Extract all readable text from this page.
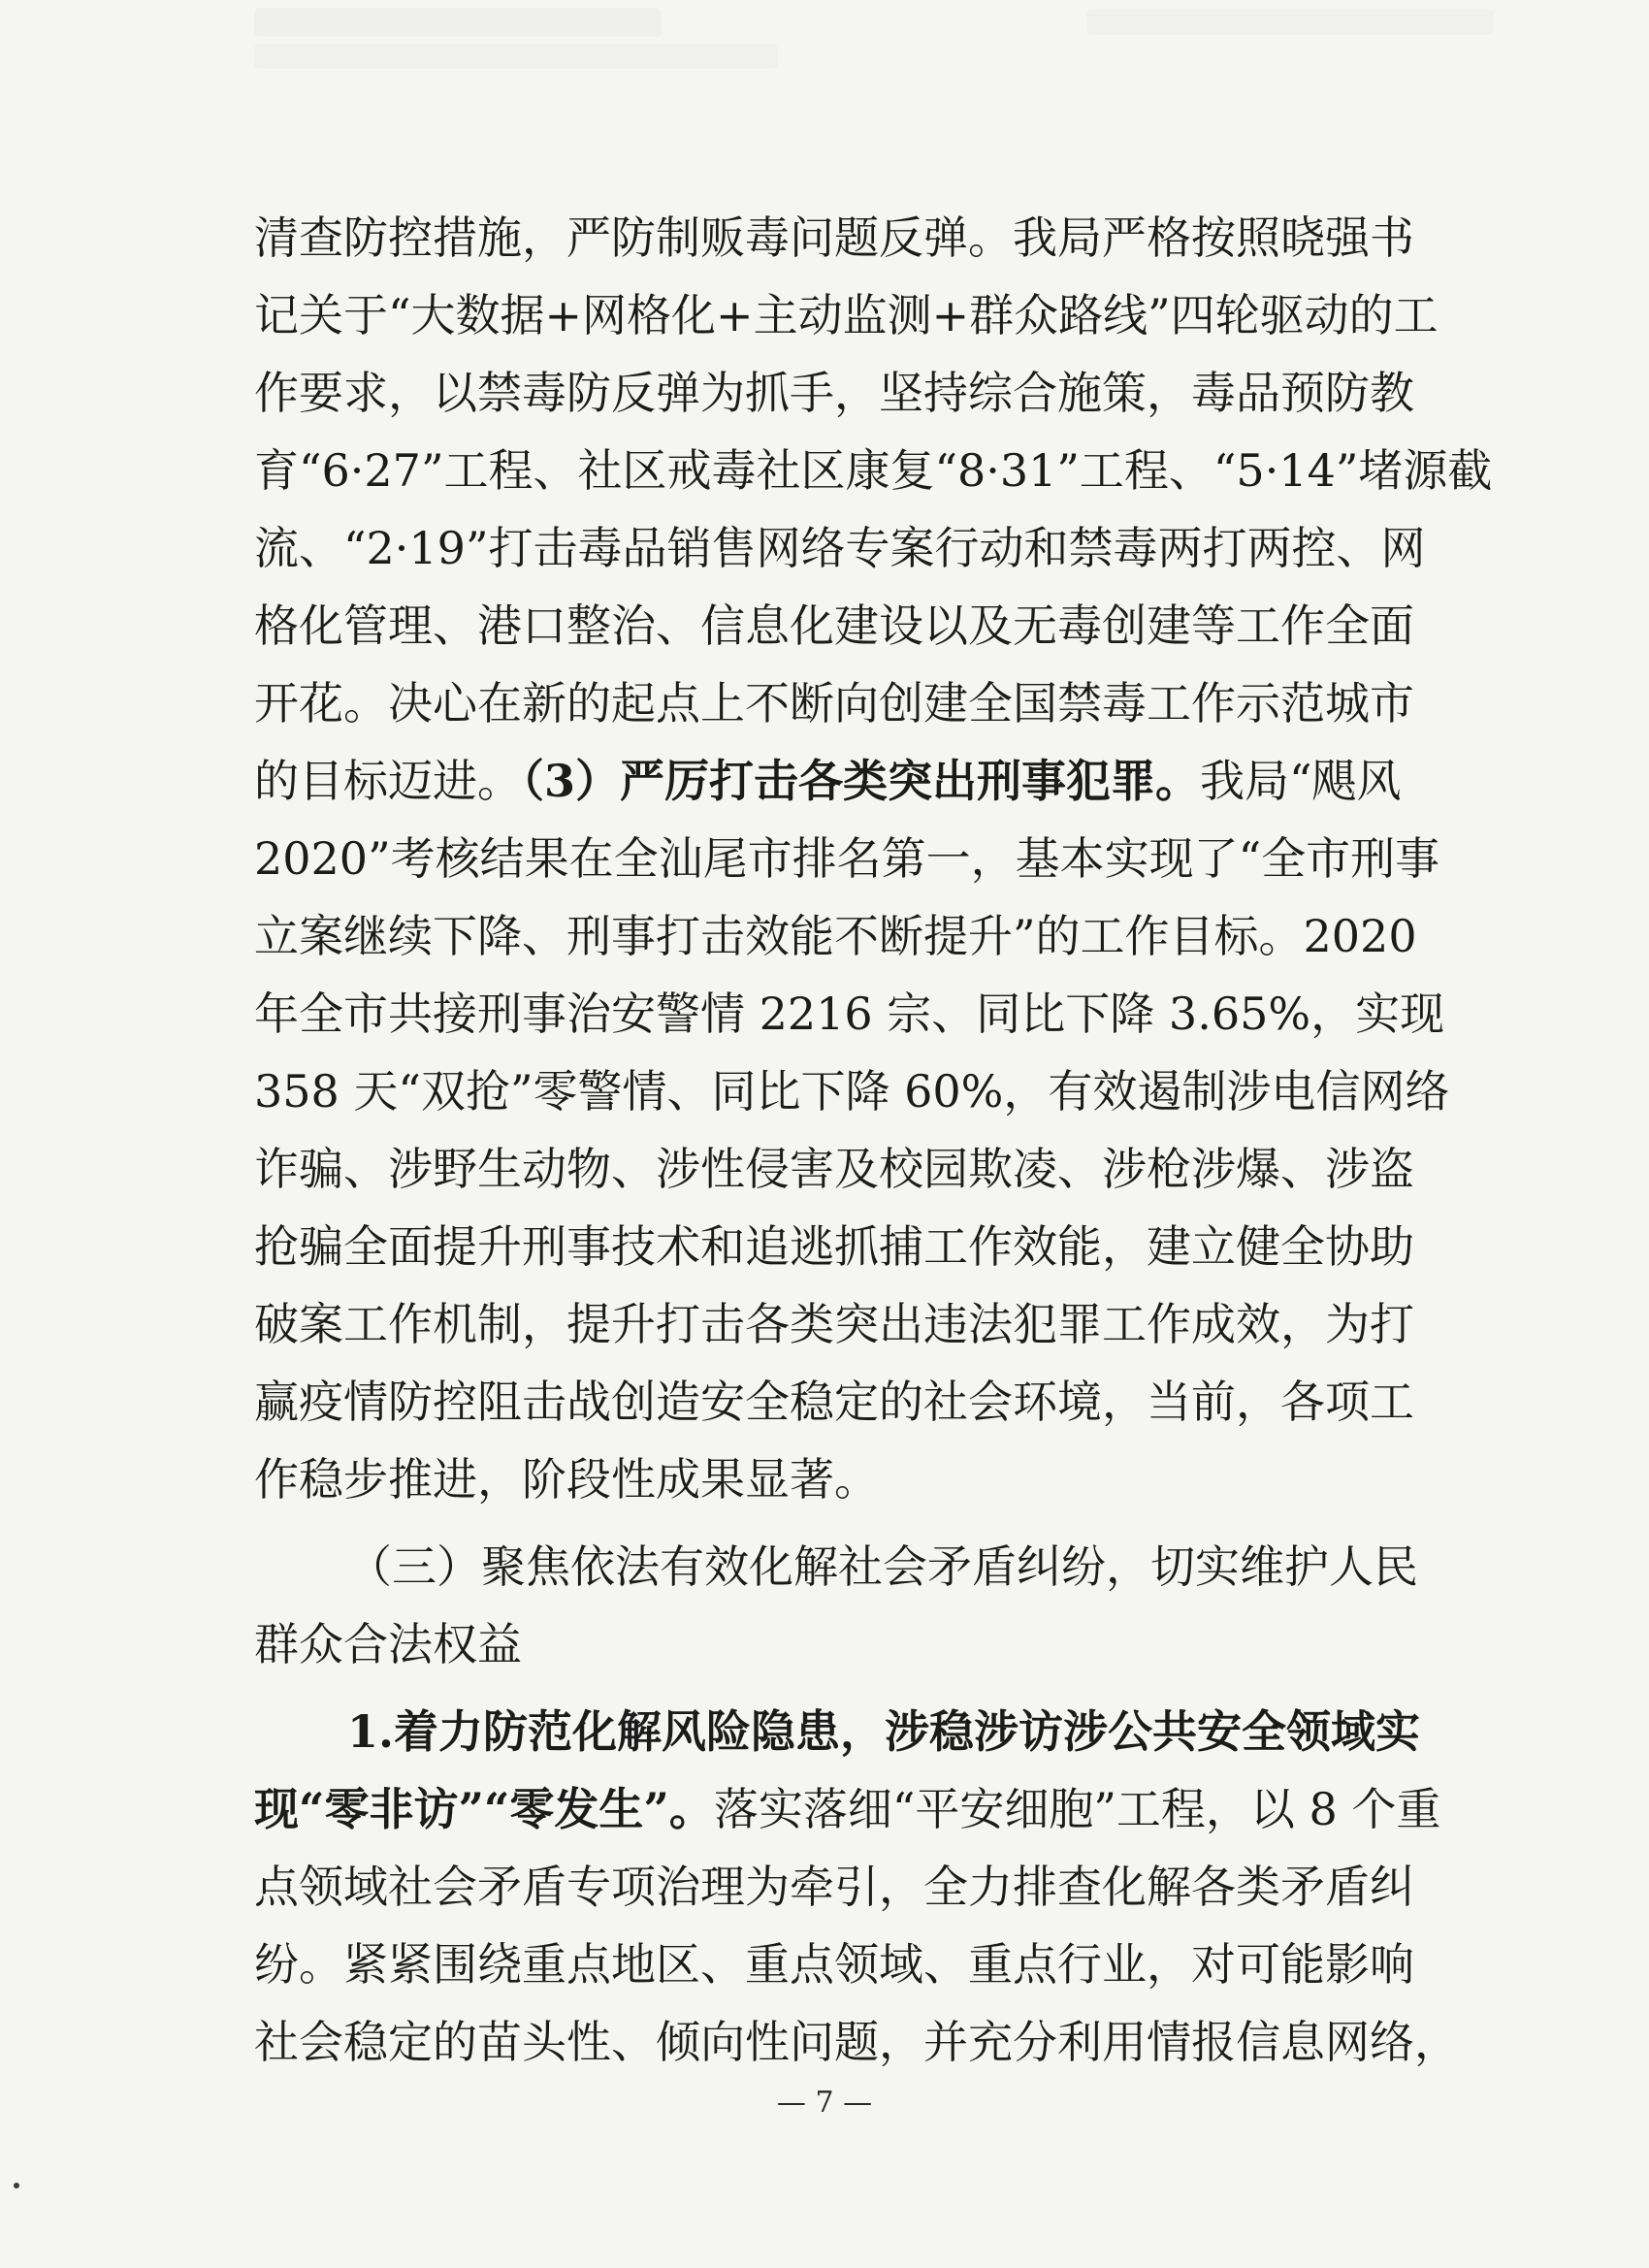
清查防控措施，严防制贩毒问题反弹。我局严格按照晓强书
记关于“大数据+网格化+主动监测+群众路线”四轮驱动的工
作要求，以禁毒防反弹为抓手，坚持综合施策，毒品预防教
育“6·27”工程、社区戒毒社区康复“8·31”工程、“5·14”堵源截
流、“2·19”打击毒品销售网络专案行动和禁毒两打两控、网
格化管理、港口整治、信息化建设以及无毒创建等工作全面
开花。决心在新的起点上不断向创建全国禁毒工作示范城市
的目标迈进。（3）严厉打击各类突出刑事犯罪。我局“飓风
2020”考核结果在全汕尾市排名第一，基本实现了“全市刑事
立案继续下降、刑事打击效能不断提升”的工作目标。2020
年全市共接刑事治安警情 2216 宗、同比下降 3.65%，实现
358 天“双抢”零警情、同比下降 60%，有效遏制涉电信网络
诈骗、涉野生动物、涉性侵害及校园欺凌、涉枪涉爆、涉盗
抢骗全面提升刑事技术和追逃抓捕工作效能，建立健全协助
破案工作机制，提升打击各类突出违法犯罪工作成效，为打
赢疫情防控阻击战创造安全稳定的社会环境，当前，各项工
作稳步推进，阶段性成果显著。
（三）聚焦依法有效化解社会矛盾纠纷，切实维护人民
群众合法权益
1.着力防范化解风险隐患，涉稳涉访涉公共安全领域实
现“零非访”“零发生”。落实落细“平安细胞”工程，以 8 个重
点领域社会矛盾专项治理为牵引，全力排查化解各类矛盾纠
纷。紧紧围绕重点地区、重点领域、重点行业，对可能影响
社会稳定的苗头性、倾向性问题，并充分利用情报信息网络，
— 7 —
